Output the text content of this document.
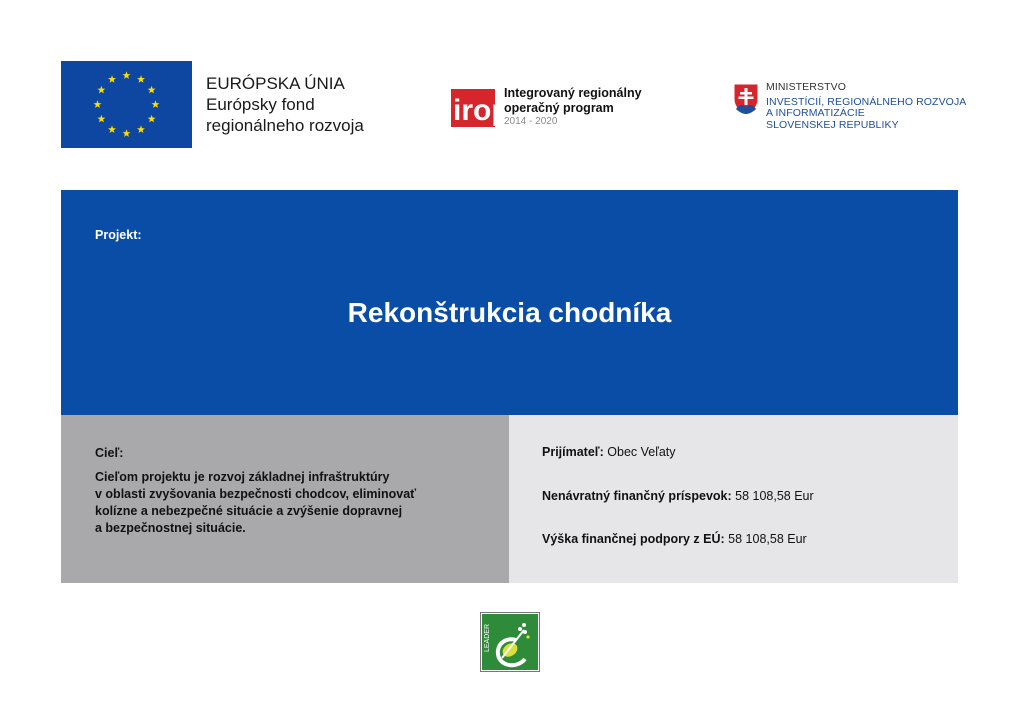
EURÓPSKA ÚNIA
Európsky fond
regionálneho rozvoja	irop
Integrovaný regionálny
operačný program
2014 - 2020
MINISTERSTVO
INVESTÍCIÍ, REGIONÁLNEHO ROZVOJA
A INFORMATIZÁCIE
SLOVENSKEJ REPUBLIKY
Projekt:
Rekonštrukcia chodníka
Cieľ:
Cieľom projektu je rozvoj základnej infraštruktúry
v oblasti zvyšovania bezpečnosti chodcov, eliminovať
kolízne a nebezpečné situácie a zvýšenie dopravnej
a bezpečnostnej situácie.
Prijímateľ: Obec Veľaty
Nenávratný finančný príspevok: 58 108,58 Eur
Výška finančnej podpory z EÚ: 58 108,58 Eur
LEADER
